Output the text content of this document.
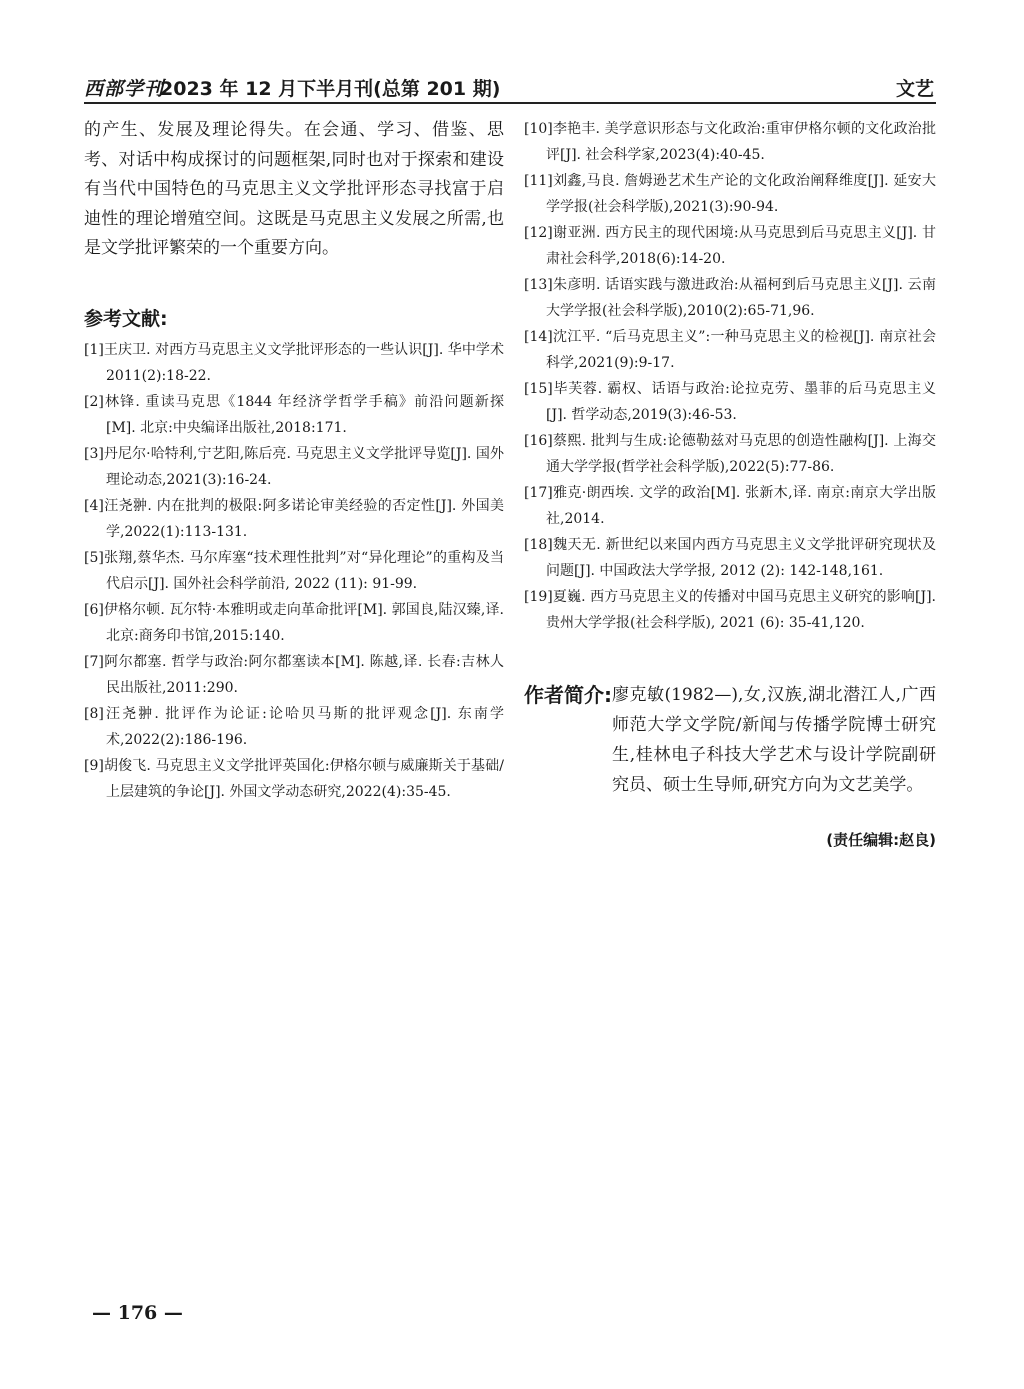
西部学刊
2023 年 12 月下半月刊(总第 201 期)	文艺

的产生、发展及理论得失。在会通、学习、借鉴、思考、对话中构成探讨的问题框架,同时也对于探索和建设有当代中国特色的马克思主义文学批评形态寻找富于启迪性的理论增殖空间。这既是马克思主义发展之所需,也是文学批评繁荣的一个重要方向。

参考文献:

[1]王庆卫. 对西方马克思主义文学批评形态的一些认识[J]. 华中学术 2011(2):18-22.

[2]林锋. 重读马克思《1844 年经济学哲学手稿》前沿问题新探[M]. 北京:中央编译出版社,2018:171.

[3]丹尼尔·哈特利,宁艺阳,陈后亮. 马克思主义文学批评导览[J]. 国外理论动态,2021(3):16-24.

[4]汪尧翀. 内在批判的极限:阿多诺论审美经验的否定性[J]. 外国美学,2022(1):113-131.

[5]张翔,蔡华杰. 马尔库塞“技术理性批判”对“异化理论”的重构及当代启示[J]. 国外社会科学前沿, 2022 (11): 91-99.

[6]伊格尔顿. 瓦尔特·本雅明或走向革命批评[M]. 郭国良,陆汉臻,译. 北京:商务印书馆,2015:140.

[7]阿尔都塞. 哲学与政治:阿尔都塞读本[M]. 陈越,译. 长春:吉林人民出版社,2011:290.

[8]汪尧翀. 批评作为论证:论哈贝马斯的批评观念[J]. 东南学术,2022(2):186-196.

[9]胡俊飞. 马克思主义文学批评英国化:伊格尔顿与威廉斯关于基础/上层建筑的争论[J]. 外国文学动态研究,2022(4):35-45.

[10]李艳丰. 美学意识形态与文化政治:重审伊格尔顿的文化政治批评[J]. 社会科学家,2023(4):40-45.

[11]刘鑫,马良. 詹姆逊艺术生产论的文化政治阐释维度[J]. 延安大学学报(社会科学版),2021(3):90-94.

[12]谢亚洲. 西方民主的现代困境:从马克思到后马克思主义[J]. 甘肃社会科学,2018(6):14-20.

[13]朱彦明. 话语实践与激进政治:从福柯到后马克思主义[J]. 云南大学学报(社会科学版),2010(2):65-71,96.

[14]沈江平. “后马克思主义”:一种马克思主义的检视[J]. 南京社会科学,2021(9):9-17.

[15]毕芙蓉. 霸权、话语与政治:论拉克劳、墨菲的后马克思主义[J]. 哲学动态,2019(3):46-53.

[16]蔡熙. 批判与生成:论德勒兹对马克思的创造性融构[J]. 上海交通大学学报(哲学社会科学版),2022(5):77-86.

[17]雅克·朗西埃. 文学的政治[M]. 张新木,译. 南京:南京大学出版社,2014.

[18]魏天无. 新世纪以来国内西方马克思主义文学批评研究现状及问题[J]. 中国政法大学学报, 2012 (2): 142-148,161.

[19]夏巍. 西方马克思主义的传播对中国马克思主义研究的影响[J]. 贵州大学学报(社会科学版), 2021 (6): 35-41,120.

作者简介: 廖克敏(1982—),女,汉族,湖北潜江人,广西师范大学文学院/新闻与传播学院博士研究生,桂林电子科技大学艺术与设计学院副研究员、硕士生导师,研究方向为文艺美学。
(责任编辑:赵良)
— 176 —
